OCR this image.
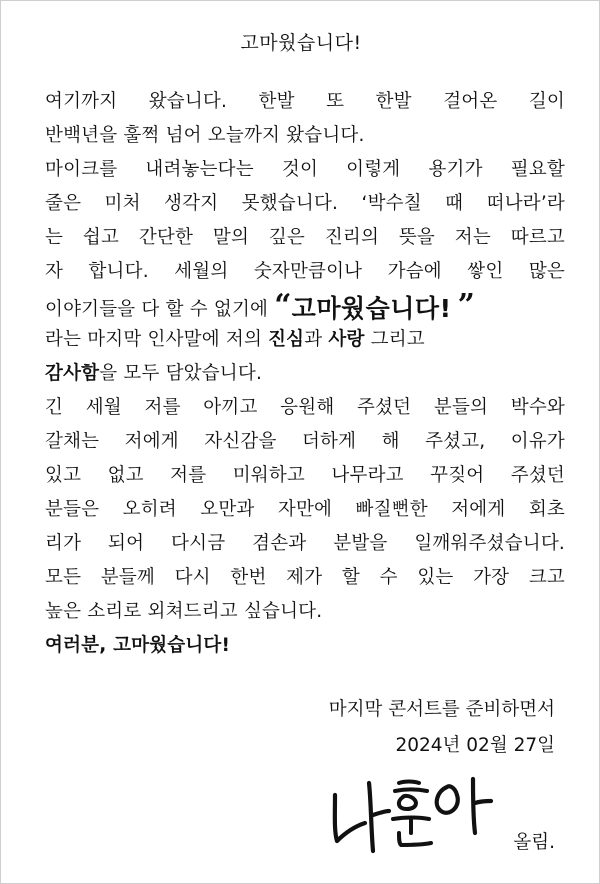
고마웠습니다!
여기까지 왔습니다. 한발 또 한발 걸어온 길이
반백년을 훌쩍 넘어 오늘까지 왔습니다.
마이크를 내려놓는다는 것이 이렇게 용기가 필요할
줄은 미처 생각지 못했습니다. ‘박수칠 때 떠나라’라
는 쉽고 간단한 말의 깊은 진리의 뜻을 저는 따르고
자 합니다. 세월의 숫자만큼이나 가슴에 쌓인 많은
이야기들을 다 할 수 없기에 “고마웠습니다! ”
라는 마지막 인사말에 저의 진심과 사랑 그리고
감사함을 모두 담았습니다.
긴 세월 저를 아끼고 응원해 주셨던 분들의 박수와
갈채는 저에게 자신감을 더하게 해 주셨고, 이유가
있고 없고 저를 미워하고 나무라고 꾸짖어 주셨던
분들은 오히려 오만과 자만에 빠질뻔한 저에게 회초
리가 되어 다시금 겸손과 분발을 일깨워주셨습니다.
모든 분들께 다시 한번 제가 할 수 있는 가장 크고
높은 소리로 외쳐드리고 싶습니다.
여러분, 고마웠습니다!
마지막 콘서트를 준비하면서
2024년 02월 27일
올림.
